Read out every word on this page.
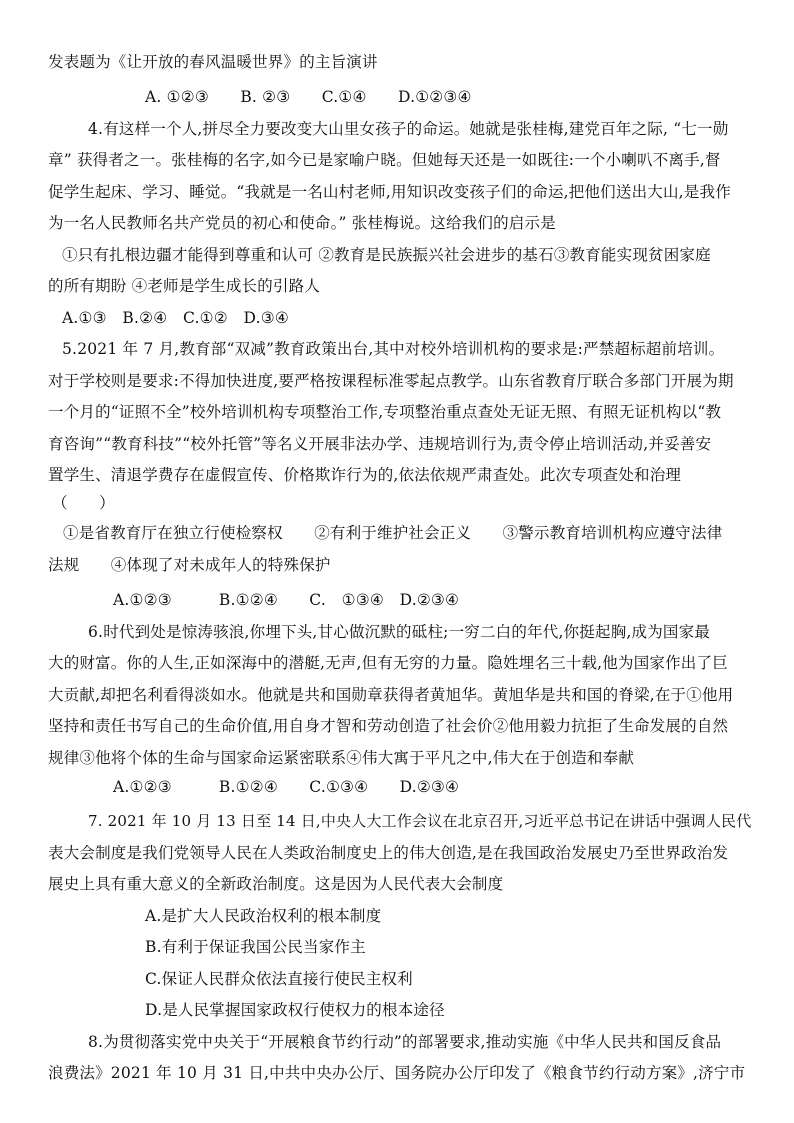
发表题为《让开放的春风温暖世界》的主旨演讲
A. ①②③　　B. ②③　　C.①④　　D.①②③④
4.有这样一个人,拼尽全力要改变大山里女孩子的命运。她就是张桂梅,建党百年之际, “七一勋
章” 获得者之一。张桂梅的名字,如今已是家喻户晓。但她每天还是一如既往:一个小喇叭不离手,督
促学生起床、学习、睡觉。“我就是一名山村老师,用知识改变孩子们的命运,把他们送出大山,是我作
为一名人民教师名共产党员的初心和使命。” 张桂梅说。这给我们的启示是
①只有扎根边疆才能得到尊重和认可 ②教育是民族振兴社会进步的基石③教育能实现贫困家庭
的所有期盼 ④老师是学生成长的引路人
A.①③　B.②④　C.①②　D.③④
5.2021 年 7 月,教育部“双减”教育政策出台,其中对校外培训机构的要求是:严禁超标超前培训。
对于学校则是要求:不得加快进度,要严格按课程标准零起点教学。山东省教育厅联合多部门开展为期
一个月的“证照不全”校外培训机构专项整治工作,专项整治重点查处无证无照、有照无证机构以“教
育咨询”“教育科技”“校外托管”等名义开展非法办学、违规培训行为,责令停止培训活动,并妥善安
置学生、清退学费存在虚假宣传、价格欺诈行为的,依法依规严肃查处。此次专项查处和治理
（　　）
①是省教育厅在独立行使检察权　　②有利于维护社会正义　　③警示教育培训机构应遵守法律
法规　　④体现了对未成年人的特殊保护
A.①②③　　　B.①②④　　C.　①③④　D.②③④
6.时代到处是惊涛骇浪,你埋下头,甘心做沉默的砥柱;一穷二白的年代,你挺起胸,成为国家最
大的财富。你的人生,正如深海中的潜艇,无声,但有无穷的力量。隐姓埋名三十载,他为国家作出了巨
大贡献,却把名利看得淡如水。他就是共和国勋章获得者黄旭华。黄旭华是共和国的脊梁,在于①他用
坚持和责任书写自己的生命价值,用自身才智和劳动创造了社会价②他用毅力抗拒了生命发展的自然
规律③他将个体的生命与国家命运紧密联系④伟大寓于平凡之中,伟大在于创造和奉献
A.①②③　　　B.①②④　　C.①③④　　D.②③④
7. 2021 年 10 月 13 日至 14 日,中央人大工作会议在北京召开,习近平总书记在讲话中强调人民代
表大会制度是我们党领导人民在人类政治制度史上的伟大创造,是在我国政治发展史乃至世界政治发
展史上具有重大意义的全新政治制度。这是因为人民代表大会制度
A.是扩大人民政治权利的根本制度
B.有利于保证我国公民当家作主
C.保证人民群众依法直接行使民主权利
D.是人民掌握国家政权行使权力的根本途径
8.为贯彻落实党中央关于“开展粮食节约行动”的部署要求,推动实施《中华人民共和国反食品
浪费法》2021 年 10 月 31 日,中共中央办公厅、国务院办公厅印发了《粮食节约行动方案》,济宁市
